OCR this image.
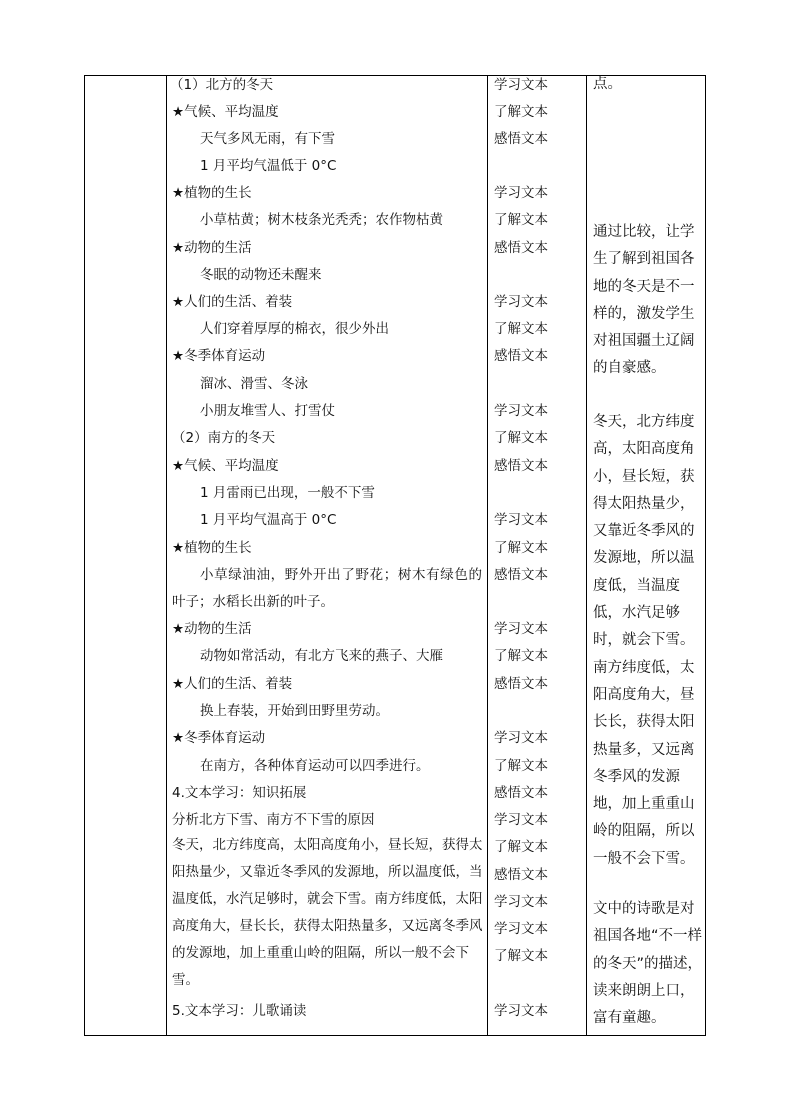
（1）北方的冬天
★气候、平均温度
天气多风无雨，有下雪
1 月平均气温低于 0°C
★植物的生长
小草枯黄；树木枝条光秃秃；农作物枯黄
★动物的生活
冬眠的动物还未醒来
★人们的生活、着装
人们穿着厚厚的棉衣，很少外出
★冬季体育运动
溜冰、滑雪、冬泳
小朋友堆雪人、打雪仗
（2）南方的冬天
★气候、平均温度
1 月雷雨已出现，一般不下雪
1 月平均气温高于 0°C
★植物的生长
小草绿油油，野外开出了野花；树木有绿色的
叶子；水稻长出新的叶子。
★动物的生活
动物如常活动，有北方飞来的燕子、大雁
★人们的生活、着装
换上春装，开始到田野里劳动。
★冬季体育运动
在南方，各种体育运动可以四季进行。
4.文本学习：知识拓展
分析北方下雪、南方不下雪的原因
冬天，北方纬度高，太阳高度角小，昼长短，获得太阳热量少，又靠近冬季风的发源地，所以温度低，当温度低，水汽足够时，就会下雪。南方纬度低，太阳高度角大，昼长长，获得太阳热量多，又远离冬季风的发源地，加上重重山岭的阻隔，所以一般不会下雪。
5.文本学习：儿歌诵读
学习文本
了解文本
感悟文本
学习文本
了解文本
感悟文本
学习文本
了解文本
感悟文本
学习文本
了解文本
感悟文本
学习文本
了解文本
感悟文本
学习文本
了解文本
感悟文本
学习文本
了解文本
感悟文本
学习文本
了解文本
感悟文本
学习文本
学习文本
了解文本
学习文本
点。
通过比较，让学生了解到祖国各地的冬天是不一样的，激发学生对祖国疆土辽阔的自豪感。
冬天，北方纬度高，太阳高度角小，昼长短，获得太阳热量少，又靠近冬季风的发源地，所以温度低，当温度低，水汽足够时，就会下雪。南方纬度低，太阳高度角大，昼长长，获得太阳热量多，又远离冬季风的发源地，加上重重山岭的阻隔，所以一般不会下雪。
文中的诗歌是对祖国各地“不一样的冬天”的描述，读来朗朗上口，富有童趣。
